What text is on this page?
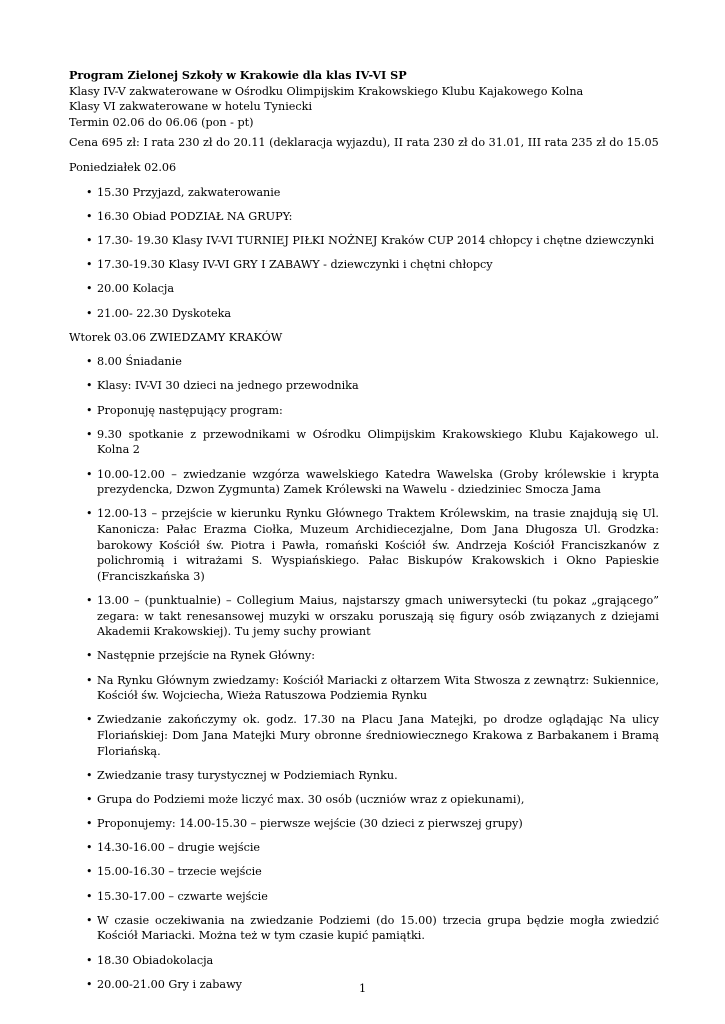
Program Zielonej Szkoły w Krakowie dla klas IV-VI SP
Klasy IV-V zakwaterowane w Ośrodku Olimpijskim Krakowskiego Klubu Kajakowego Kolna
Klasy VI zakwaterowane w hotelu Tyniecki
Termin 02.06 do 06.06 (pon - pt)

Cena 695 zł: I rata 230 zł do 20.11 (deklaracja wyjazdu), II rata 230 zł do 31.01, III rata 235 zł do 15.05

Poniedziałek 02.06

• 15.30 Przyjazd, zakwaterowanie
• 16.30 Obiad PODZIAŁ NA GRUPY:
• 17.30- 19.30 Klasy IV-VI TURNIEJ PIŁKI NOŻNEJ Kraków CUP 2014 chłopcy i chętne dziewczynki
• 17.30-19.30 Klasy IV-VI GRY I ZABAWY - dziewczynki i chętni chłopcy
• 20.00 Kolacja
• 21.00- 22.30 Dyskoteka

Wtorek 03.06 ZWIEDZAMY KRAKÓW

• 8.00 Śniadanie
• Klasy: IV-VI 30 dzieci na jednego przewodnika
• Proponuję następujący program:
• 9.30 spotkanie z przewodnikami w Ośrodku Olimpijskim Krakowskiego Klubu Kajakowego ul. Kolna 2
• 10.00-12.00 – zwiedzanie wzgórza wawelskiego Katedra Wawelska (Groby królewskie i krypta prezydencka, Dzwon Zygmunta) Zamek Królewski na Wawelu - dziedziniec Smocza Jama
• 12.00-13 – przejście w kierunku Rynku Głównego Traktem Królewskim, na trasie znajdują się Ul. Kanonicza: Pałac Erazma Ciołka, Muzeum Archidiecezjalne, Dom Jana Długosza Ul. Grodzka: barokowy Kościół św. Piotra i Pawła, romański Kościół św. Andrzeja Kościół Franciszkanów z polichromią i witrażami S. Wyspiańskiego. Pałac Biskupów Krakowskich i Okno Papieskie (Franciszkańska 3)
• 13.00 – (punktualnie) – Collegium Maius, najstarszy gmach uniwersytecki (tu pokaz „grającego” zegara: w takt renesansowej muzyki w orszaku poruszają się figury osób związanych z dziejami Akademii Krakowskiej). Tu jemy suchy prowiant
• Następnie przejście na Rynek Główny:
• Na Rynku Głównym zwiedzamy: Kościół Mariacki z ołtarzem Wita Stwosza z zewnątrz: Sukiennice, Kościół św. Wojciecha, Wieża Ratuszowa Podziemia Rynku
• Zwiedzanie zakończymy ok. godz. 17.30 na Placu Jana Matejki, po drodze oglądając Na ulicy Floriańskiej: Dom Jana Matejki Mury obronne średniowiecznego Krakowa z Barbakanem i Bramą Floriańską.
• Zwiedzanie trasy turystycznej w Podziemiach Rynku.
• Grupa do Podziemi może liczyć max. 30 osób (uczniów wraz z opiekunami),
• Proponujemy: 14.00-15.30 – pierwsze wejście (30 dzieci z pierwszej grupy)
• 14.30-16.00 – drugie wejście
• 15.00-16.30 – trzecie wejście
• 15.30-17.00 – czwarte wejście
• W czasie oczekiwania na zwiedzanie Podziemi (do 15.00) trzecia grupa będzie mogła zwiedzić Kościół Mariacki. Można też w tym czasie kupić pamiątki.
• 18.30 Obiadokolacja
• 20.00-21.00 Gry i zabawy	1
